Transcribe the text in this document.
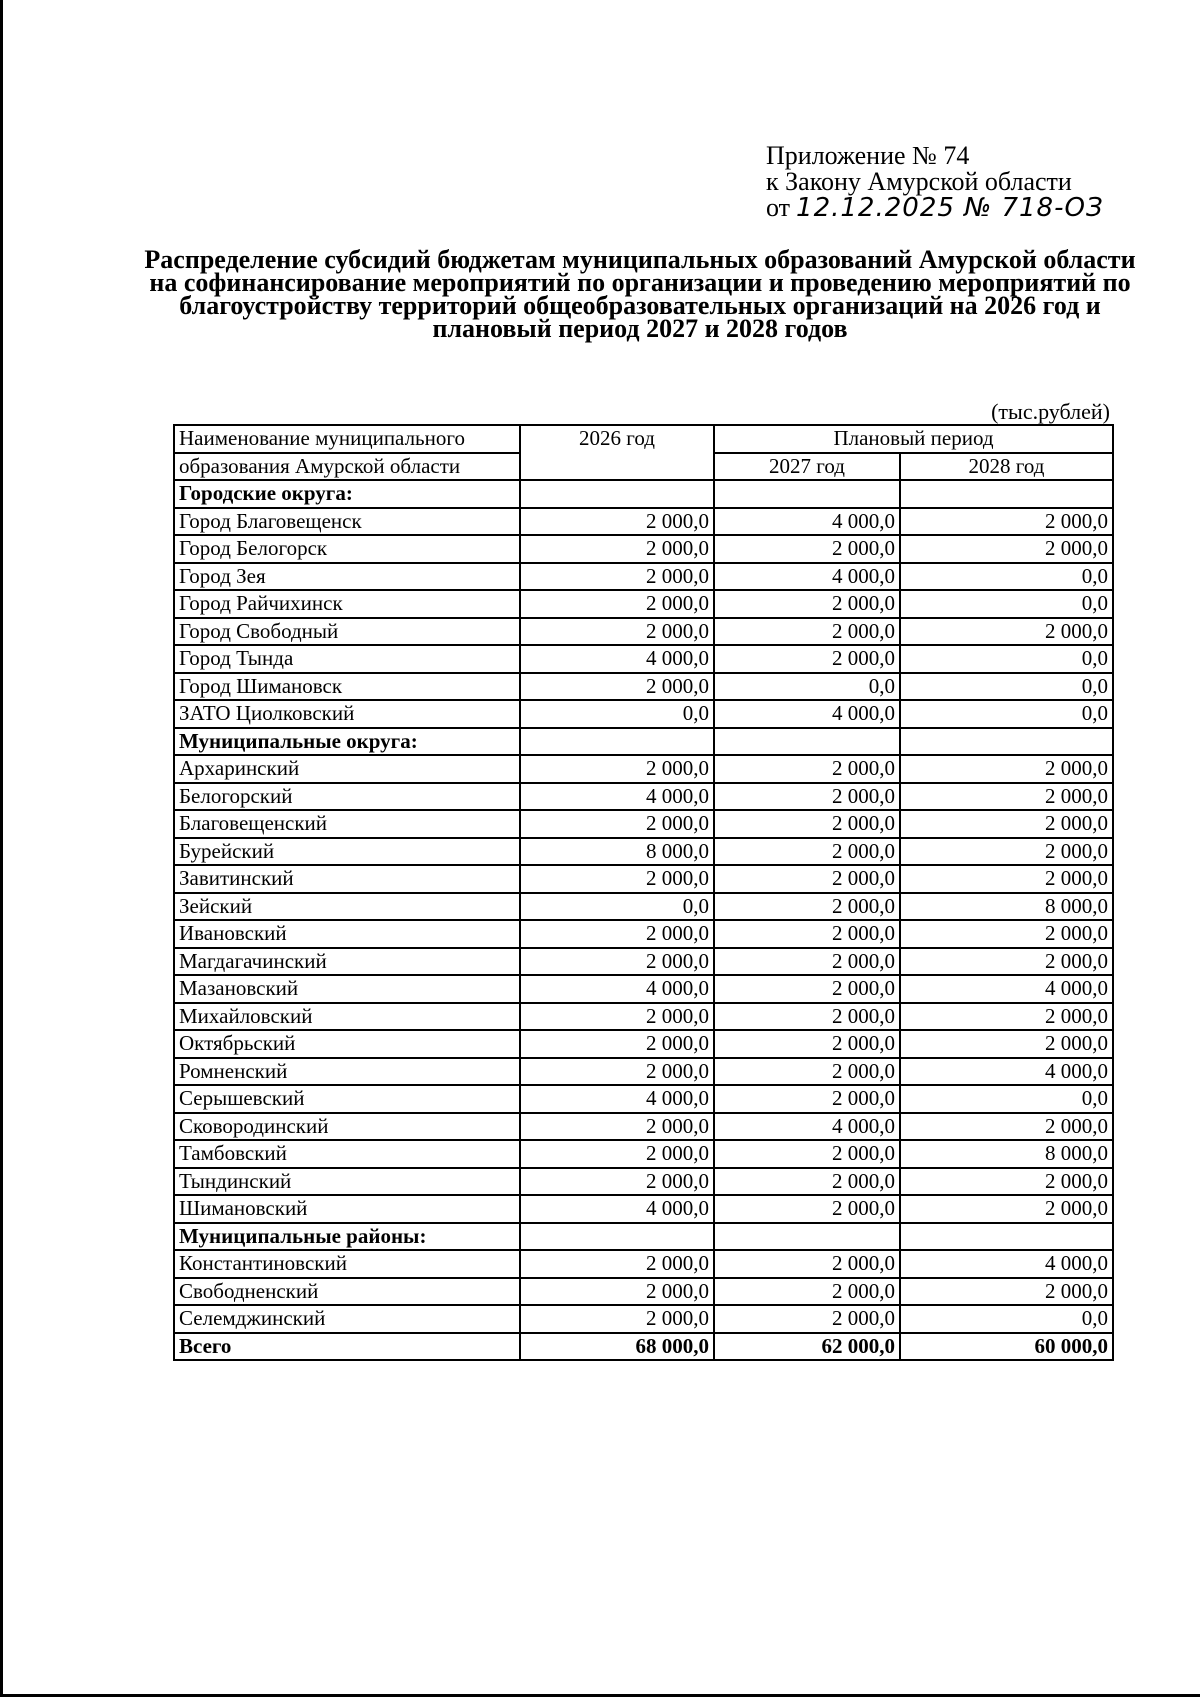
Приложение № 74
к Закону Амурской области
от 12.12.2025 № 718-ОЗ
Распределение субсидий бюджетам муниципальных образований Амурской области на софинансирование мероприятий по организации и проведению мероприятий по благоустройству территорий общеобразовательных организаций на 2026 год и плановый период 2027 и 2028 годов
(тыс.рублей)
Наименование муниципального	2026 год	Плановый период	
образования Амурской области		2027 год	2028 год
Городские округа:			
Город Благовещенск	2 000,0	4 000,0	2 000,0
Город Белогорск	2 000,0	2 000,0	2 000,0
Город Зея	2 000,0	4 000,0	0,0
Город Райчихинск	2 000,0	2 000,0	0,0
Город Свободный	2 000,0	2 000,0	2 000,0
Город Тында	4 000,0	2 000,0	0,0
Город Шимановск	2 000,0	0,0	0,0
ЗАТО Циолковский	0,0	4 000,0	0,0
Муниципальные округа:			
Архаринский	2 000,0	2 000,0	2 000,0
Белогорский	4 000,0	2 000,0	2 000,0
Благовещенский	2 000,0	2 000,0	2 000,0
Бурейский	8 000,0	2 000,0	2 000,0
Завитинский	2 000,0	2 000,0	2 000,0
Зейский	0,0	2 000,0	8 000,0
Ивановский	2 000,0	2 000,0	2 000,0
Магдагачинский	2 000,0	2 000,0	2 000,0
Мазановский	4 000,0	2 000,0	4 000,0
Михайловский	2 000,0	2 000,0	2 000,0
Октябрьский	2 000,0	2 000,0	2 000,0
Ромненский	2 000,0	2 000,0	4 000,0
Серышевский	4 000,0	2 000,0	0,0
Сковородинский	2 000,0	4 000,0	2 000,0
Тамбовский	2 000,0	2 000,0	8 000,0
Тындинский	2 000,0	2 000,0	2 000,0
Шимановский	4 000,0	2 000,0	2 000,0
Муниципальные районы:			
Константиновский	2 000,0	2 000,0	4 000,0
Свободненский	2 000,0	2 000,0	2 000,0
Селемджинский	2 000,0	2 000,0	0,0
Всего	68 000,0	62 000,0	60 000,0
